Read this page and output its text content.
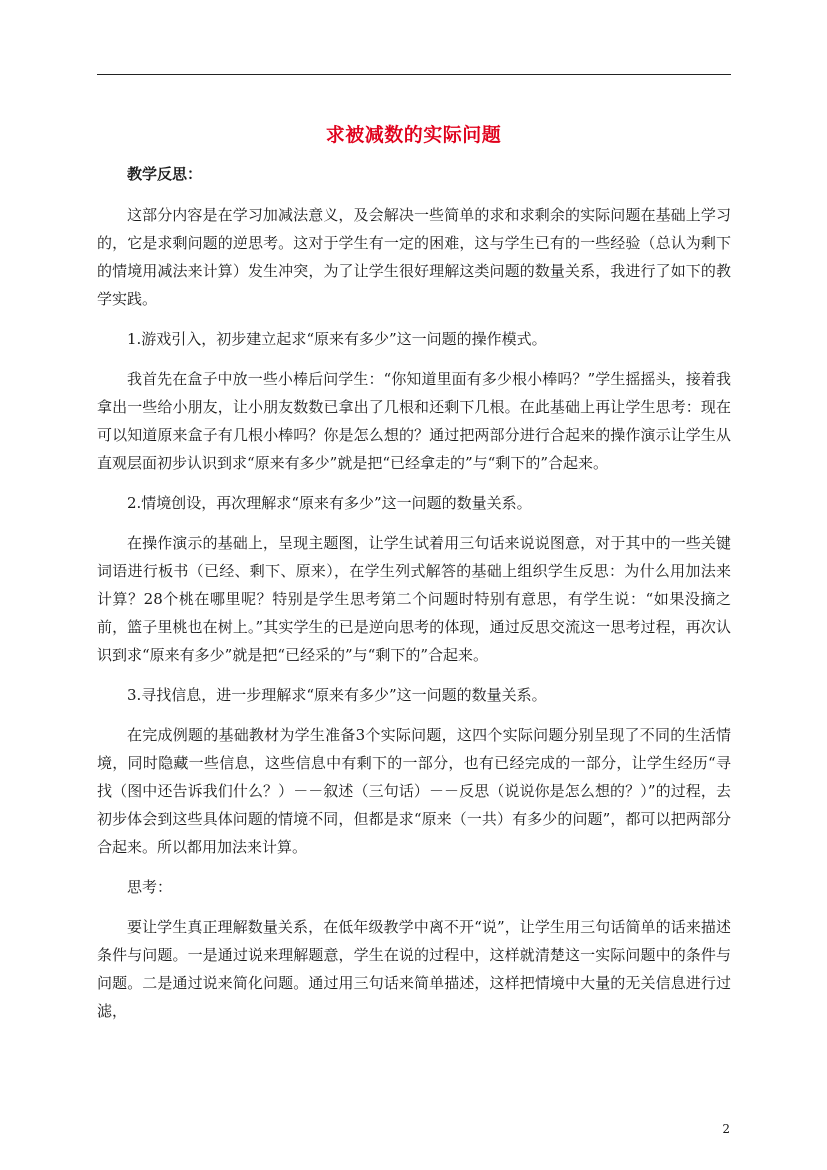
求被减数的实际问题

教学反思：

这部分内容是在学习加减法意义，及会解决一些简单的求和求剩余的实际问题在基础上学习的，它是求剩问题的逆思考。这对于学生有一定的困难，这与学生已有的一些经验（总认为剩下的情境用减法来计算）发生冲突，为了让学生很好理解这类问题的数量关系，我进行了如下的教学实践。

1.游戏引入，初步建立起求“原来有多少”这一问题的操作模式。

我首先在盒子中放一些小棒后问学生：“你知道里面有多少根小棒吗？”学生摇摇头，接着我拿出一些给小朋友，让小朋友数数已拿出了几根和还剩下几根。在此基础上再让学生思考：现在可以知道原来盒子有几根小棒吗？你是怎么想的？通过把两部分进行合起来的操作演示让学生从直观层面初步认识到求“原来有多少”就是把“已经拿走的”与“剩下的”合起来。

2.情境创设，再次理解求“原来有多少”这一问题的数量关系。

在操作演示的基础上，呈现主题图，让学生试着用三句话来说说图意，对于其中的一些关键词语进行板书（已经、剩下、原来），在学生列式解答的基础上组织学生反思：为什么用加法来计算？28个桃在哪里呢？特别是学生思考第二个问题时特别有意思，有学生说：“如果没摘之前，篮子里桃也在树上。”其实学生的已是逆向思考的体现，通过反思交流这一思考过程，再次认识到求“原来有多少”就是把“已经采的”与“剩下的”合起来。

3.寻找信息，进一步理解求“原来有多少”这一问题的数量关系。

在完成例题的基础教材为学生准备3个实际问题，这四个实际问题分别呈现了不同的生活情境，同时隐藏一些信息，这些信息中有剩下的一部分，也有已经完成的一部分，让学生经历“寻找（图中还告诉我们什么？）－－叙述（三句话）－－反思（说说你是怎么想的？）”的过程，去初步体会到这些具体问题的情境不同，但都是求“原来（一共）有多少的问题”，都可以把两部分合起来。所以都用加法来计算。

思考：

要让学生真正理解数量关系，在低年级教学中离不开“说”，让学生用三句话简单的话来描述条件与问题。一是通过说来理解题意，学生在说的过程中，这样就清楚这一实际问题中的条件与问题。二是通过说来简化问题。通过用三句话来简单描述，这样把情境中大量的无关信息进行过滤，

2
